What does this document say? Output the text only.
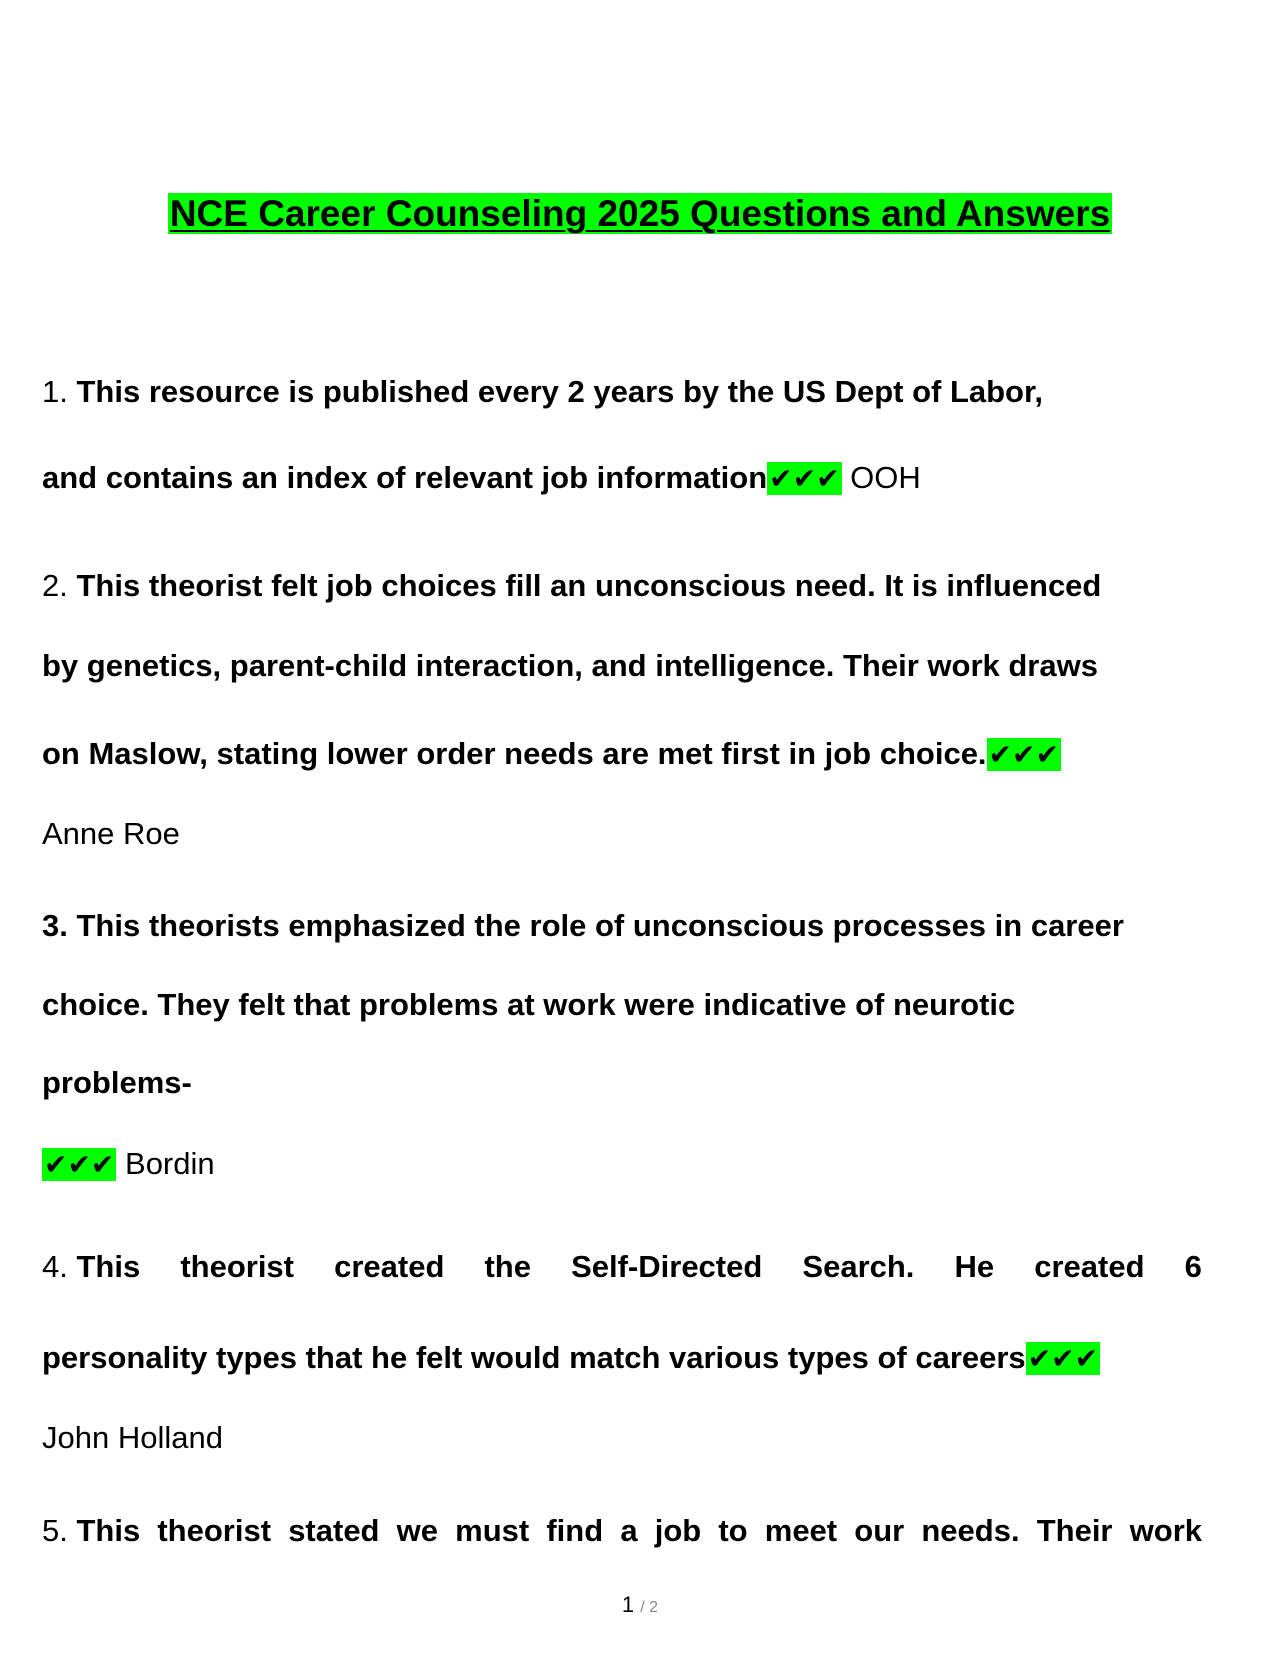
NCE Career Counseling 2025 Questions and Answers
1. This resource is published every 2 years by the US Dept of Labor,
and contains an index of relevant job information✔✔✔ OOH
2. This theorist felt job choices fill an unconscious need. It is influenced
by genetics, parent-child interaction, and intelligence. Their work draws
on Maslow, stating lower order needs are met first in job choice.✔✔✔
Anne Roe
3. This theorists emphasized the role of unconscious processes in career
choice. They felt that problems at work were indicative of neurotic
problems-
✔✔✔ Bordin
4. This theorist created the Self-Directed Search. He created 6
personality types that he felt would match various types of careers✔✔✔
John Holland
5. This theorist stated we must find a job to meet our needs. Their work
1 / 2
